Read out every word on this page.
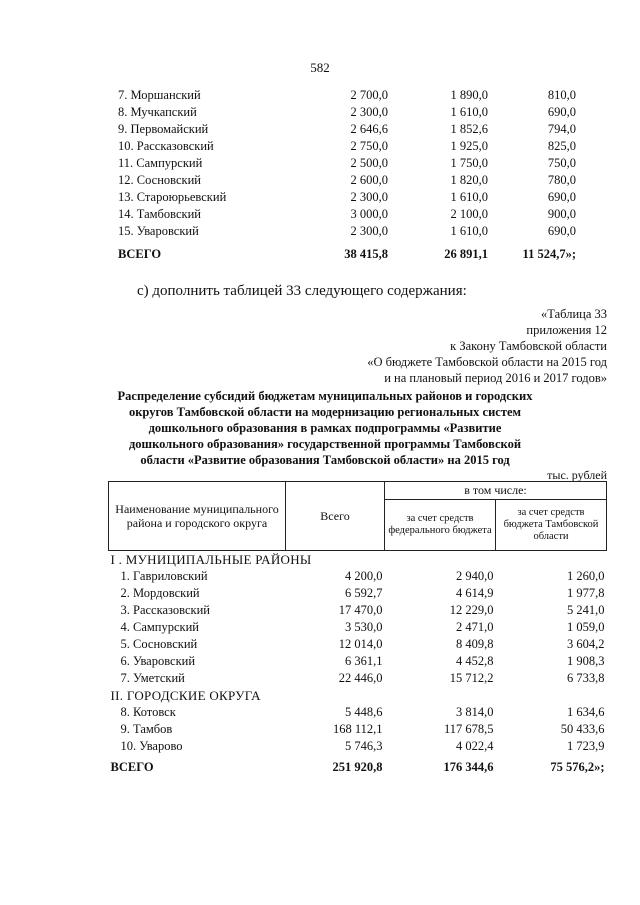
582
7. Моршанский	2 700,0	1 890,0	810,0
8. Мучкапский	2 300,0	1 610,0	690,0
9. Первомайский	2 646,6	1 852,6	794,0
10. Рассказовский	2 750,0	1 925,0	825,0
11. Сампурский	2 500,0	1 750,0	750,0
12. Сосновский	2 600,0	1 820,0	780,0
13. Староюрьевский	2 300,0	1 610,0	690,0
14. Тамбовский	3 000,0	2 100,0	900,0
15. Уваровский	2 300,0	1 610,0	690,0
ВСЕГО	38 415,8	26 891,1	11 524,7»;
с) дополнить таблицей 33 следующего содержания:
«Таблица 33
приложения 12
к Закону Тамбовской области
«О бюджете Тамбовской области на 2015 год
и на плановый период 2016 и 2017 годов»
Распределение субсидий бюджетам муниципальных районов и городских
округов Тамбовской области на модернизацию региональных систем
дошкольного образования в рамках подпрограммы «Развитие
дошкольного образования» государственной программы Тамбовской
области «Развитие образования Тамбовской области» на 2015 год
тыс. рублей
Наименование муниципального района и городского округа	Всего	в том числе:	
		за счет средств федерального бюджета	за счет средств бюджета Тамбовской области
I . МУНИЦИПАЛЬНЫЕ РАЙОНЫ			
1. Гавриловский	4 200,0	2 940,0	1 260,0
2. Мордовский	6 592,7	4 614,9	1 977,8
3. Рассказовский	17 470,0	12 229,0	5 241,0
4. Сампурский	3 530,0	2 471,0	1 059,0
5. Сосновский	12 014,0	8 409,8	3 604,2
6. Уваровский	6 361,1	4 452,8	1 908,3
7. Уметский	22 446,0	15 712,2	6 733,8
II. ГОРОДСКИЕ ОКРУГА			
8. Котовск	5 448,6	3 814,0	1 634,6
9. Тамбов	168 112,1	117 678,5	50 433,6
10. Уварово	5 746,3	4 022,4	1 723,9
ВСЕГО	251 920,8	176 344,6	75 576,2»;
